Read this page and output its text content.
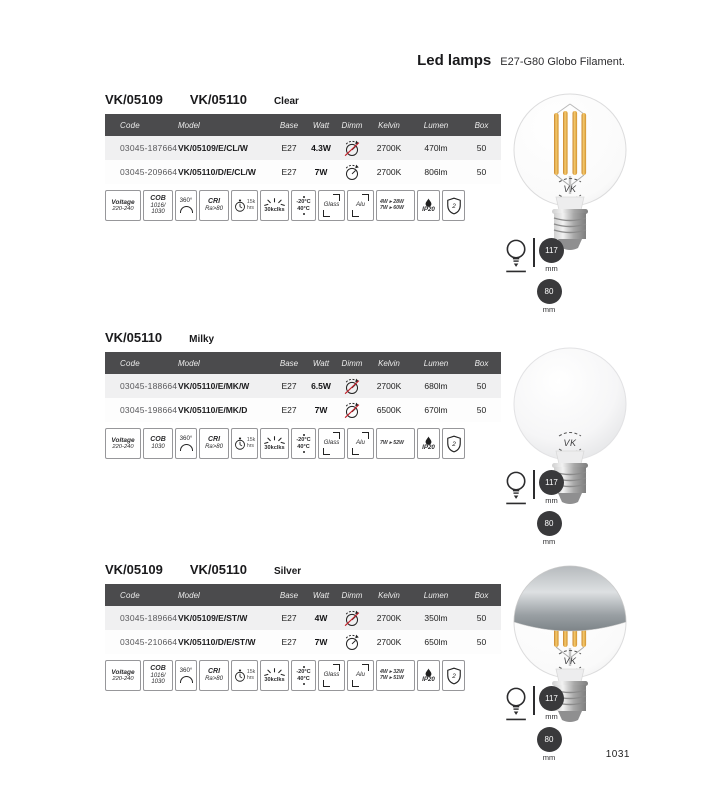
Led lamps E27-G80 Globo Filament.
VK/05109 VK/05110	Clear
Code	Model	Base	Watt	Dimm	Kelvin	Lumen	Box
03045-187664 VK/05109/E/CL/W	E27	4.3W	2700K	470lm	50
03045-209664 VK/05110/D/E/CL/W	E27	7W	2700K	806lm	50
Voltage
220-240
COB
1016/
1030
360° CRI
Ra>80
15k
hrs 30kclks
-20°C
40°C
Glass	Alu	4W ▸ 28W
7W ▸ 60W	IP20 2
VK
117
mm
80
mm
VK/05110	Milky
Code	Model	Base	Watt	Dimm	Kelvin	Lumen	Box
03045-188664 VK/05110/E/MK/W	E27	6.5W	2700K	680lm	50
03045-198664 VK/05110/E/MK/D	E27	7W	6500K	670lm	50
Voltage
220-240
COB
1030
360° CRI
Ra>80
15k
hrs 30kclks
-20°C
40°C
Glass	Alu	7W ▸ 52W
IP20 2	VK
117
mm
80
mm
VK/05109 VK/05110	Silver
Code	Model	Base	Watt	Dimm	Kelvin	Lumen	Box
03045-189664 VK/05109/E/ST/W	E27	4W	2700K	350lm	50
03045-210664 VK/05110/D/E/ST/W	E27	7W	2700K	650lm	50
Voltage
220-240
COB
1016/
1030
360° CRI
Ra>80
15k
hrs 30kclks
-20°C
40°C
Glass	Alu	4W ▸ 32W
7W ▸ 51W	IP20 2
VK
117
mm
80
mm	1031
